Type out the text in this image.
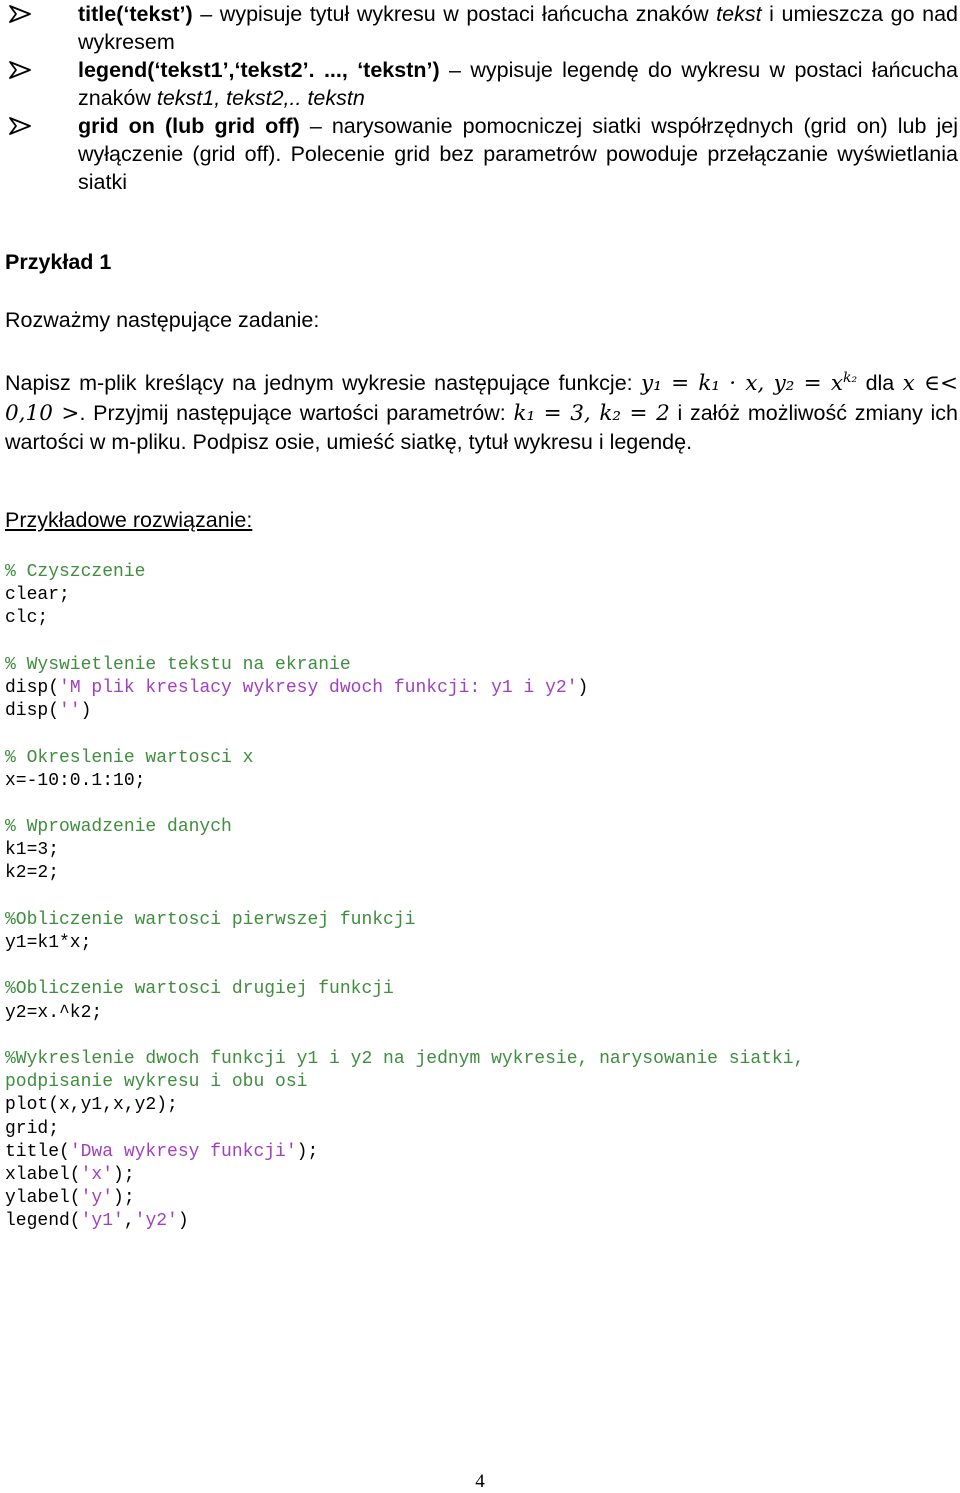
title(‘tekst’) – wypisuje tytuł wykresu w postaci łańcucha znaków tekst i umieszcza go nad wykresem
legend(‘tekst1’,‘tekst2’. ..., ‘tekstn’) – wypisuje legendę do wykresu w postaci łańcucha znaków tekst1, tekst2,.. tekstn
grid on (lub grid off) – narysowanie pomocniczej siatki współrzędnych (grid on) lub jej wyłączenie (grid off). Polecenie grid bez parametrów powoduje przełączanie wyświetlania siatki
Przykład 1
Rozważmy następujące zadanie:
Napisz m-plik kreślący na jednym wykresie następujące funkcje: y₁ = k₁ · x, $y_2 = x^{k_2}$ dla x ∈< 0,10 >. Przyjmij następujące wartości parametrów: k₁ = 3, k₂ = 2 i załóż możliwość zmiany ich wartości w m-pliku. Podpisz osie, umieść siatkę, tytuł wykresu i legendę.
Przykładowe rozwiązanie:
% Czyszczenie
clear;
clc;
% Wyswietlenie tekstu na ekranie
disp('M plik kreslacy wykresy dwoch funkcji: y1 i y2')
disp('')
% Okreslenie wartosci x
x=-10:0.1:10;
% Wprowadzenie danych
k1=3;
k2=2;
%Obliczenie wartosci pierwszej funkcji
y1=k1*x;
%Obliczenie wartosci drugiej funkcji
y2=x.^k2;
%Wykreslenie dwoch funkcji y1 i y2 na jednym wykresie, narysowanie siatki,
podpisanie wykresu i obu osi
plot(x,y1,x,y2);
grid;
title('Dwa wykresy funkcji');
xlabel('x');
ylabel('y');
legend('y1','y2')
4
